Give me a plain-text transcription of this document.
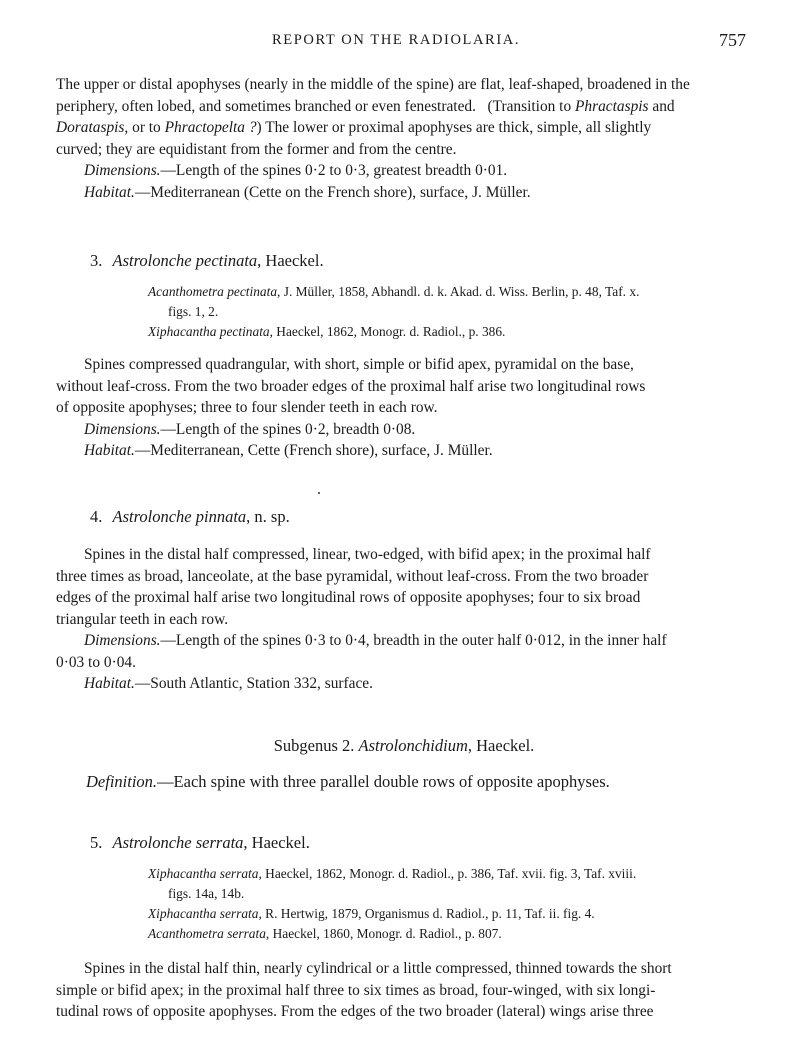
REPORT ON THE RADIOLARIA.	757

The upper or distal apophyses (nearly in the middle of the spine) are flat, leaf-shaped, broadened in the
periphery, often lobed, and sometimes branched or even fenestrated.   (Transition to Phractaspis and
Dorataspis, or to Phractopelta ?) The lower or proximal apophyses are thick, simple, all slightly
curved; they are equidistant from the former and from the centre.

Dimensions.—Length of the spines 0·2 to 0·3, greatest breadth 0·01.
Habitat.—Mediterranean (Cette on the French shore), surface, J. Müller.
3. Astrolonche pectinata, Haeckel.
Acanthometra pectinata, J. Müller, 1858, Abhandl. d. k. Akad. d. Wiss. Berlin, p. 48, Taf. x.
figs. 1, 2.
Xiphacantha pectinata, Haeckel, 1862, Monogr. d. Radiol., p. 386.

Spines compressed quadrangular, with short, simple or bifid apex, pyramidal on the base,
without leaf-cross. From the two broader edges of the proximal half arise two longitudinal rows
of opposite apophyses; three to four slender teeth in each row.

Dimensions.—Length of the spines 0·2, breadth 0·08.
Habitat.—Mediterranean, Cette (French shore), surface, J. Müller.
4. Astrolonche pinnata, n. sp.

Spines in the distal half compressed, linear, two-edged, with bifid apex; in the proximal half
three times as broad, lanceolate, at the base pyramidal, without leaf-cross. From the two broader
edges of the proximal half arise two longitudinal rows of opposite apophyses; four to six broad
triangular teeth in each row.

Dimensions.—Length of the spines 0·3 to 0·4, breadth in the outer half 0·012, in the inner half
0·03 to 0·04.
Habitat.—South Atlantic, Station 332, surface.
Subgenus 2. Astrolonchidium, Haeckel.
Definition.—Each spine with three parallel double rows of opposite apophyses.
5. Astrolonche serrata, Haeckel.
Xiphacantha serrata, Haeckel, 1862, Monogr. d. Radiol., p. 386, Taf. xvii. fig. 3, Taf. xviii.
figs. 14a, 14b.
Xiphacantha serrata, R. Hertwig, 1879, Organismus d. Radiol., p. 11, Taf. ii. fig. 4.
Acanthometra serrata, Haeckel, 1860, Monogr. d. Radiol., p. 807.

Spines in the distal half thin, nearly cylindrical or a little compressed, thinned towards the short
simple or bifid apex; in the proximal half three to six times as broad, four-winged, with six longi-
tudinal rows of opposite apophyses. From the edges of the two broader (lateral) wings arise three
